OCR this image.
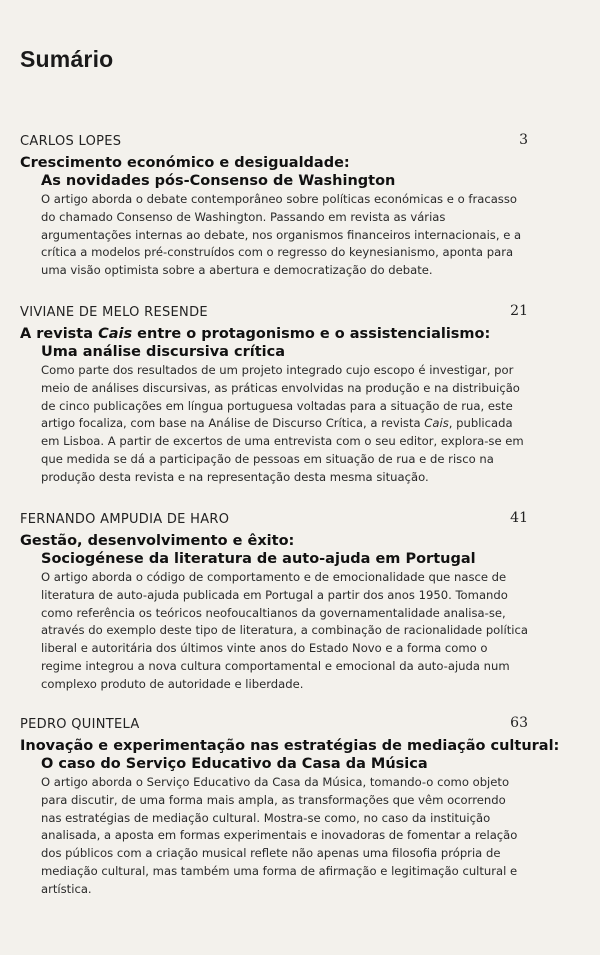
Sumário
CARLOS LOPES	3
Crescimento económico e desigualdade:
As novidades pós-Consenso de Washington

O artigo aborda o debate contemporâneo sobre políticas económicas e o fracasso do chamado Consenso de Washington. Passando em revista as várias argumentações internas ao debate, nos organismos financeiros internacionais, e a crítica a modelos pré-construídos com o regresso do keynesianismo, aponta para uma visão optimista sobre a abertura e democratização do debate.

VIVIANE DE MELO RESENDE	21
A revista Cais entre o protagonismo e o assistencialismo:
Uma análise discursiva crítica

Como parte dos resultados de um projeto integrado cujo escopo é investigar, por meio de análises discursivas, as práticas envolvidas na produção e na distribuição de cinco publicações em língua portuguesa voltadas para a situação de rua, este artigo focaliza, com base na Análise de Discurso Crítica, a revista Cais, publicada em Lisboa. A partir de excertos de uma entrevista com o seu editor, explora-se em que medida se dá a participação de pessoas em situação de rua e de risco na produção desta revista e na representação desta mesma situação.

FERNANDO AMPUDIA DE HARO	41
Gestão, desenvolvimento e êxito:
Sociogénese da literatura de auto-ajuda em Portugal

O artigo aborda o código de comportamento e de emocionalidade que nasce de literatura de auto-ajuda publicada em Portugal a partir dos anos 1950. Tomando como referência os teóricos neofoucaltianos da governamentalidade analisa-se, através do exemplo deste tipo de literatura, a combinação de racionalidade política liberal e autoritária dos últimos vinte anos do Estado Novo e a forma como o regime integrou a nova cultura comportamental e emocional da auto-ajuda num complexo produto de autoridade e liberdade.

PEDRO QUINTELA	63
Inovação e experimentação nas estratégias de mediação cultural:
O caso do Serviço Educativo da Casa da Música

O artigo aborda o Serviço Educativo da Casa da Música, tomando-o como objeto para discutir, de uma forma mais ampla, as transformações que vêm ocorrendo nas estratégias de mediação cultural. Mostra-se como, no caso da instituição analisada, a aposta em formas experimentais e inovadoras de fomentar a relação dos públicos com a criação musical reflete não apenas uma filosofia própria de mediação cultural, mas também uma forma de afirmação e legitimação cultural e artística.
